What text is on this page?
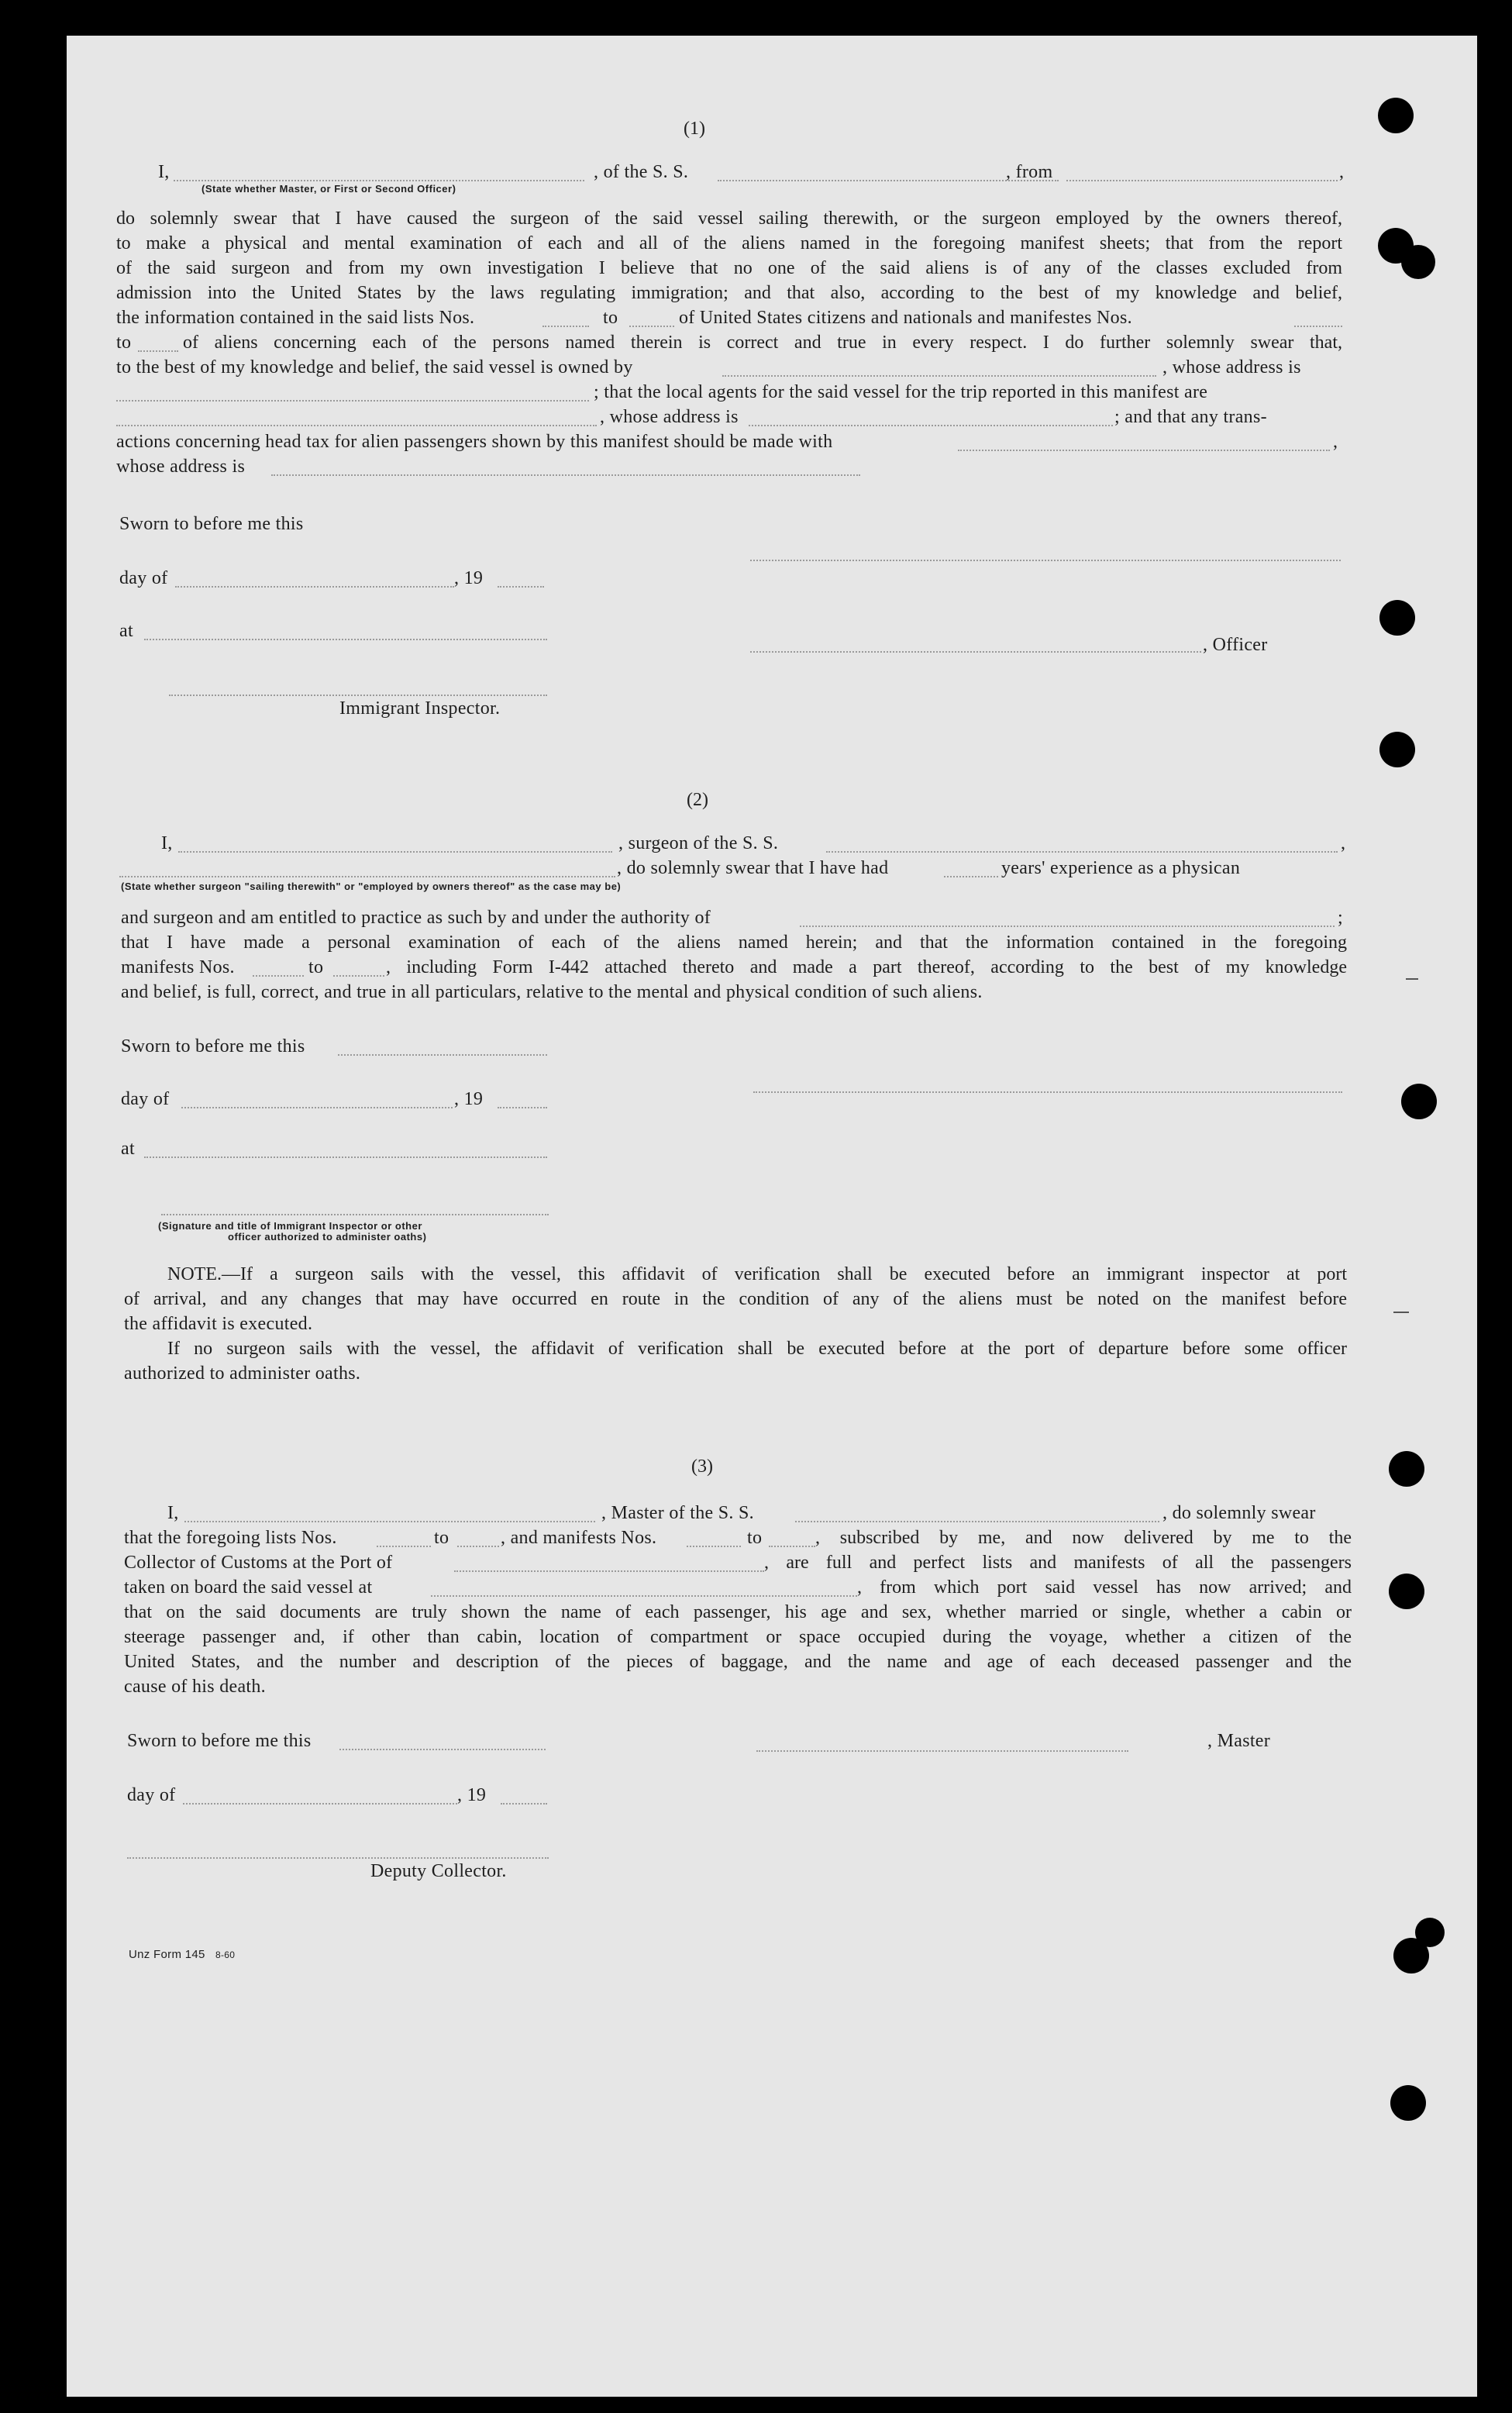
(1)
I,	, of the S. S.	, from	,
(State whether Master, or First or Second Officer)
do solemnly swear that I have caused the surgeon of the said vessel sailing therewith, or the surgeon employed by the owners thereof,
to make a physical and mental examination of each and all of the aliens named in the foregoing manifest sheets; that from the report
of the said surgeon and from my own investigation I believe that no one of the said aliens is of any of the classes excluded from
admission into the United States by the laws regulating immigration; and that also, according to the best of my knowledge and belief,
the information contained in the said lists Nos.	to	of United States citizens and nationals and manifestes Nos.
to	of aliens concerning each of the persons named therein is correct and true in every respect. I do further solemnly swear that,
to the best of my knowledge and belief, the said vessel is owned by	, whose address is
; that the local agents for the said vessel for the trip reported in this manifest are
, whose address is	; and that any trans-
actions concerning head tax for alien passengers shown by this manifest should be made with	,
whose address is
Sworn to before me this
day of	, 19
at
, Officer
Immigrant Inspector.
(2)
I,	, surgeon of the S. S.	,
, do solemnly swear that I have had	years' experience as a physican
(State whether surgeon "sailing therewith" or "employed by owners thereof" as the case may be)
and surgeon and am entitled to practice as such by and under the authority of	;
that I have made a personal examination of each of the aliens named herein; and that the information contained in the foregoing
manifests Nos.	to	, including Form I-442 attached thereto and made a part thereof, according to the best of my knowledge
and belief, is full, correct, and true in all particulars, relative to the mental and physical condition of such aliens.
Sworn to before me this
day of	, 19
at
(Signature and title of Immigrant Inspector or other
officer authorized to administer oaths)
NOTE.—If a surgeon sails with the vessel, this affidavit of verification shall be executed before an immigrant inspector at port
of arrival, and any changes that may have occurred en route in the condition of any of the aliens must be noted on the manifest before
the affidavit is executed.
If no surgeon sails with the vessel, the affidavit of verification shall be executed before at the port of departure before some officer
authorized to administer oaths.
(3)
I,	, Master of the S. S.	, do solemnly swear
that the foregoing lists Nos.	to	, and manifests Nos.	to	, subscribed by me, and now delivered by me to the
Collector of Customs at the Port of	, are full and perfect lists and manifests of all the passengers
taken on board the said vessel at	, from which port said vessel has now arrived; and
that on the said documents are truly shown the name of each passenger, his age and sex, whether married or single, whether a cabin or
steerage passenger and, if other than cabin, location of compartment or space occupied during the voyage, whether a citizen of the
United States, and the number and description of the pieces of baggage, and the name and age of each deceased passenger and the
cause of his death.
Sworn to before me this	, Master
day of	, 19
Deputy Collector.
Unz Form 145 8-60
